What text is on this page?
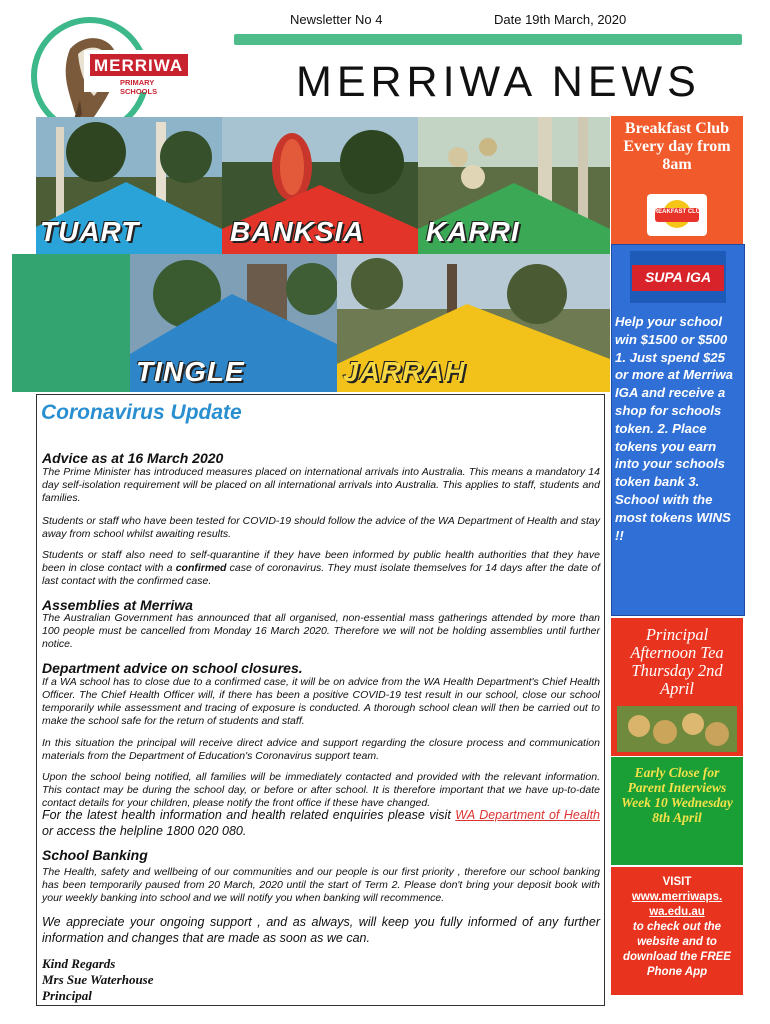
Newsletter No 4	Date 19th March, 2020
MERRIWA
PRIMARY SCHOOLS	MERRIWA NEWS
TUART	BANKSIA KARRI
TINGLE	JARRAH
Coronavirus Update
Advice as at 16 March 2020
The Prime Minister has introduced measures placed on international arrivals into Australia. This means a mandatory 14 day self-isolation requirement will be placed on all international arrivals into Australia. This applies to staff, students and families.
Students or staff who have been tested for COVID-19 should follow the advice of the WA Department of Health and stay away from school whilst awaiting results.
Students or staff also need to self-quarantine if they have been informed by public health authorities that they have been in close contact with a confirmed case of coronavirus. They must isolate themselves for 14 days after the date of last contact with the confirmed case.
Assemblies at Merriwa
The Australian Government has announced that all organised, non-essential mass gatherings attended by more than 100 people must be cancelled from Monday 16 March 2020. Therefore we will not be holding assemblies until further notice.
Department advice on school closures.
If a WA school has to close due to a confirmed case, it will be on advice from the WA Health Department's Chief Health Officer. The Chief Health Officer will, if there has been a positive COVID-19 test result in our school, close our school temporarily while assessment and tracing of exposure is conducted. A thorough school clean will then be carried out to make the school safe for the return of students and staff.
In this situation the principal will receive direct advice and support regarding the closure process and communication materials from the Department of Education's Coronavirus support team.
Upon the school being notified, all families will be immediately contacted and provided with the relevant information. This contact may be during the school day, or before or after school. It is therefore important that we have up-to-date contact details for your children, please notify the front office if these have changed.
For the latest health information and health related enquiries please visit WA Department of Health or access the helpline 1800 020 080.
School Banking
The Health, safety and wellbeing of our communities and our people is our first priority , therefore our school banking has been temporarily paused from 20 March, 2020 until the start of Term 2. Please don't bring your deposit book with your weekly banking into school and we will notify you when banking will recommence.
We appreciate your ongoing support , and as always, will keep you fully informed of any further information and changes that are made as soon as we can.
Kind Regards
Mrs Sue Waterhouse
Principal
Breakfast Club Every day from 8am
BREAKFAST CLUB
SUPA IGA
Help your school win $1500 or $500 1. Just spend $25 or more at Merriwa IGA and receive a shop for schools token. 2. Place tokens you earn into your schools token bank 3. School with the most tokens WINS !!
Principal Afternoon Tea Thursday 2nd April
Early Close for Parent Interviews Week 10 Wednesday 8th April
VISIT
www.merriwaps. wa.edu.au
to check out the website and to download the FREE Phone App
